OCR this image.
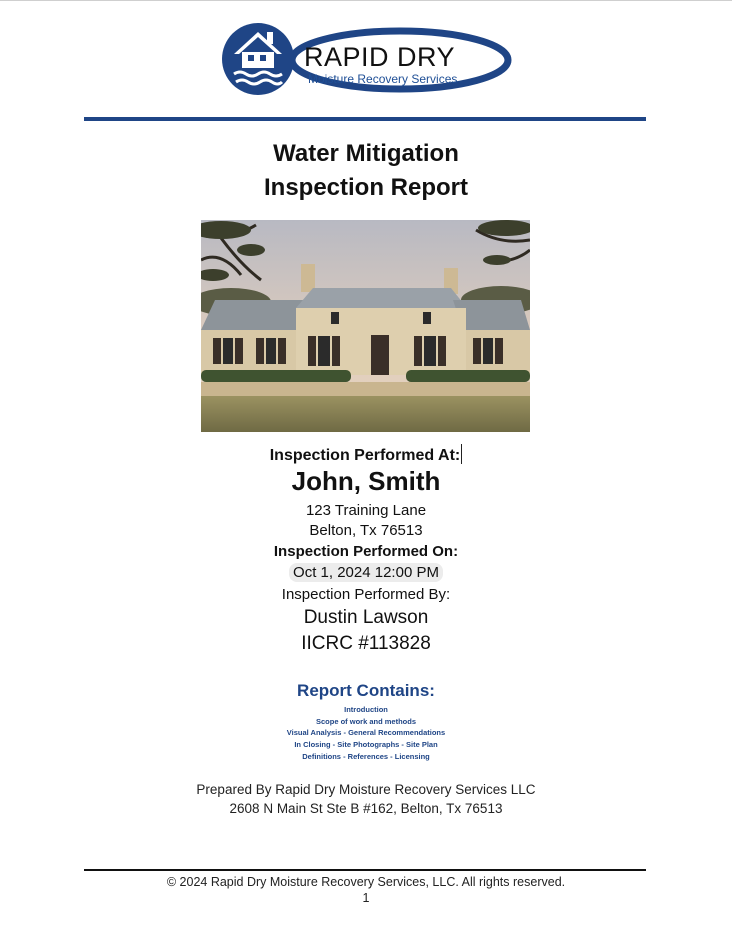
RAPID DRY
Moisture Recovery Services
Water Mitigation
Inspection Report
Inspection Performed At:
John, Smith
123 Training Lane
Belton, Tx 76513
Inspection Performed On:
Oct 1, 2024 12:00 PM
Inspection Performed By:
Dustin Lawson
IICRC #113828
Report Contains:
Introduction
Scope of work and methods
Visual Analysis - General Recommendations
In Closing - Site Photographs - Site Plan
Definitions - References - Licensing
Prepared By Rapid Dry Moisture Recovery Services LLC
2608 N Main St Ste B #162, Belton, Tx 76513
© 2024 Rapid Dry Moisture Recovery Services, LLC. All rights reserved.
1
